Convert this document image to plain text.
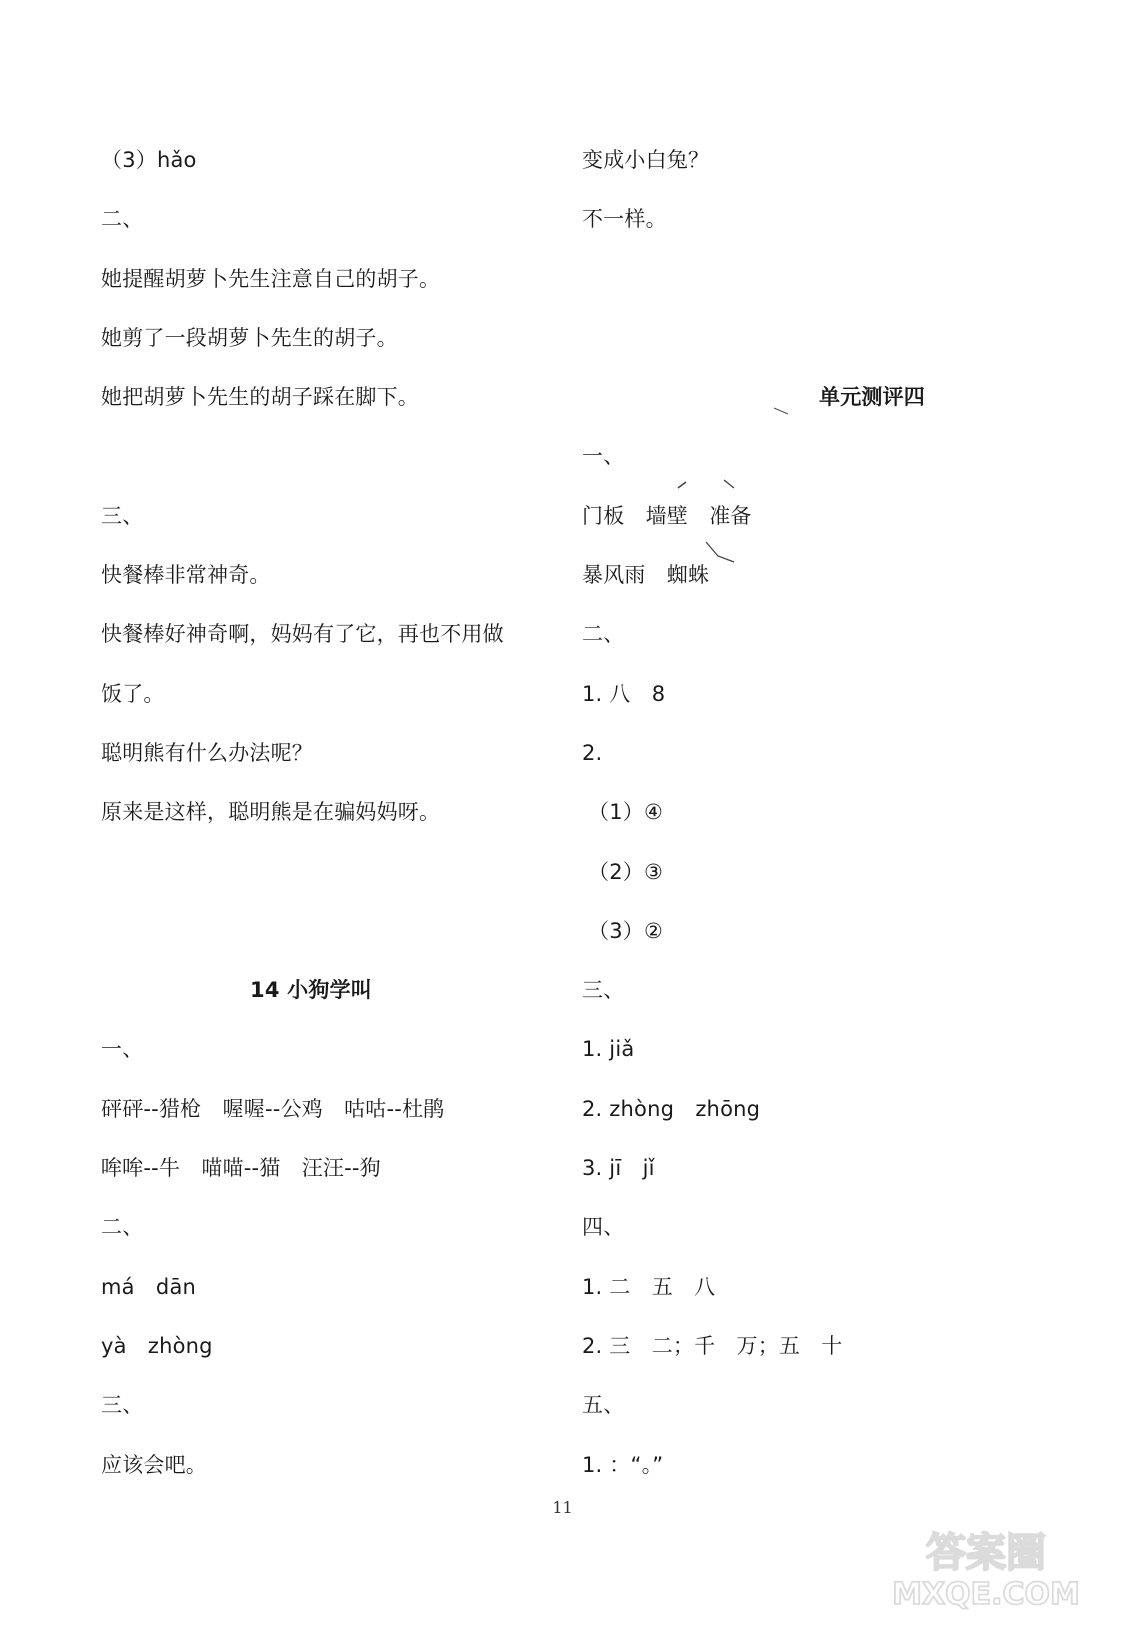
（3）hǎo
二、
她提醒胡萝卜先生注意自己的胡子。
她剪了一段胡萝卜先生的胡子。
她把胡萝卜先生的胡子踩在脚下。
三、
快餐棒非常神奇。
快餐棒好神奇啊，妈妈有了它，再也不用做
饭了。
聪明熊有什么办法呢？
原来是这样，聪明熊是在骗妈妈呀。
14 小狗学叫
一、
砰砰--猎枪　喔喔--公鸡　咕咕--杜鹃
哞哞--牛　喵喵--猫　汪汪--狗
二、
má　dān
yà　zhòng
三、
应该会吧。
变成小白兔？
不一样。
单元测评四
一、
门板　墙壁　准备
暴风雨　蜘蛛
二、
1. 八　8
2.
（1）④
（2）③
（3）②
三、
1. jiǎ
2. zhòng　zhōng
3. jī　jǐ
四、
1. 二　五　八
2. 三　二；千　万；五　十
五、
1. ：“。”
11
答案圈
MXQE.COM
